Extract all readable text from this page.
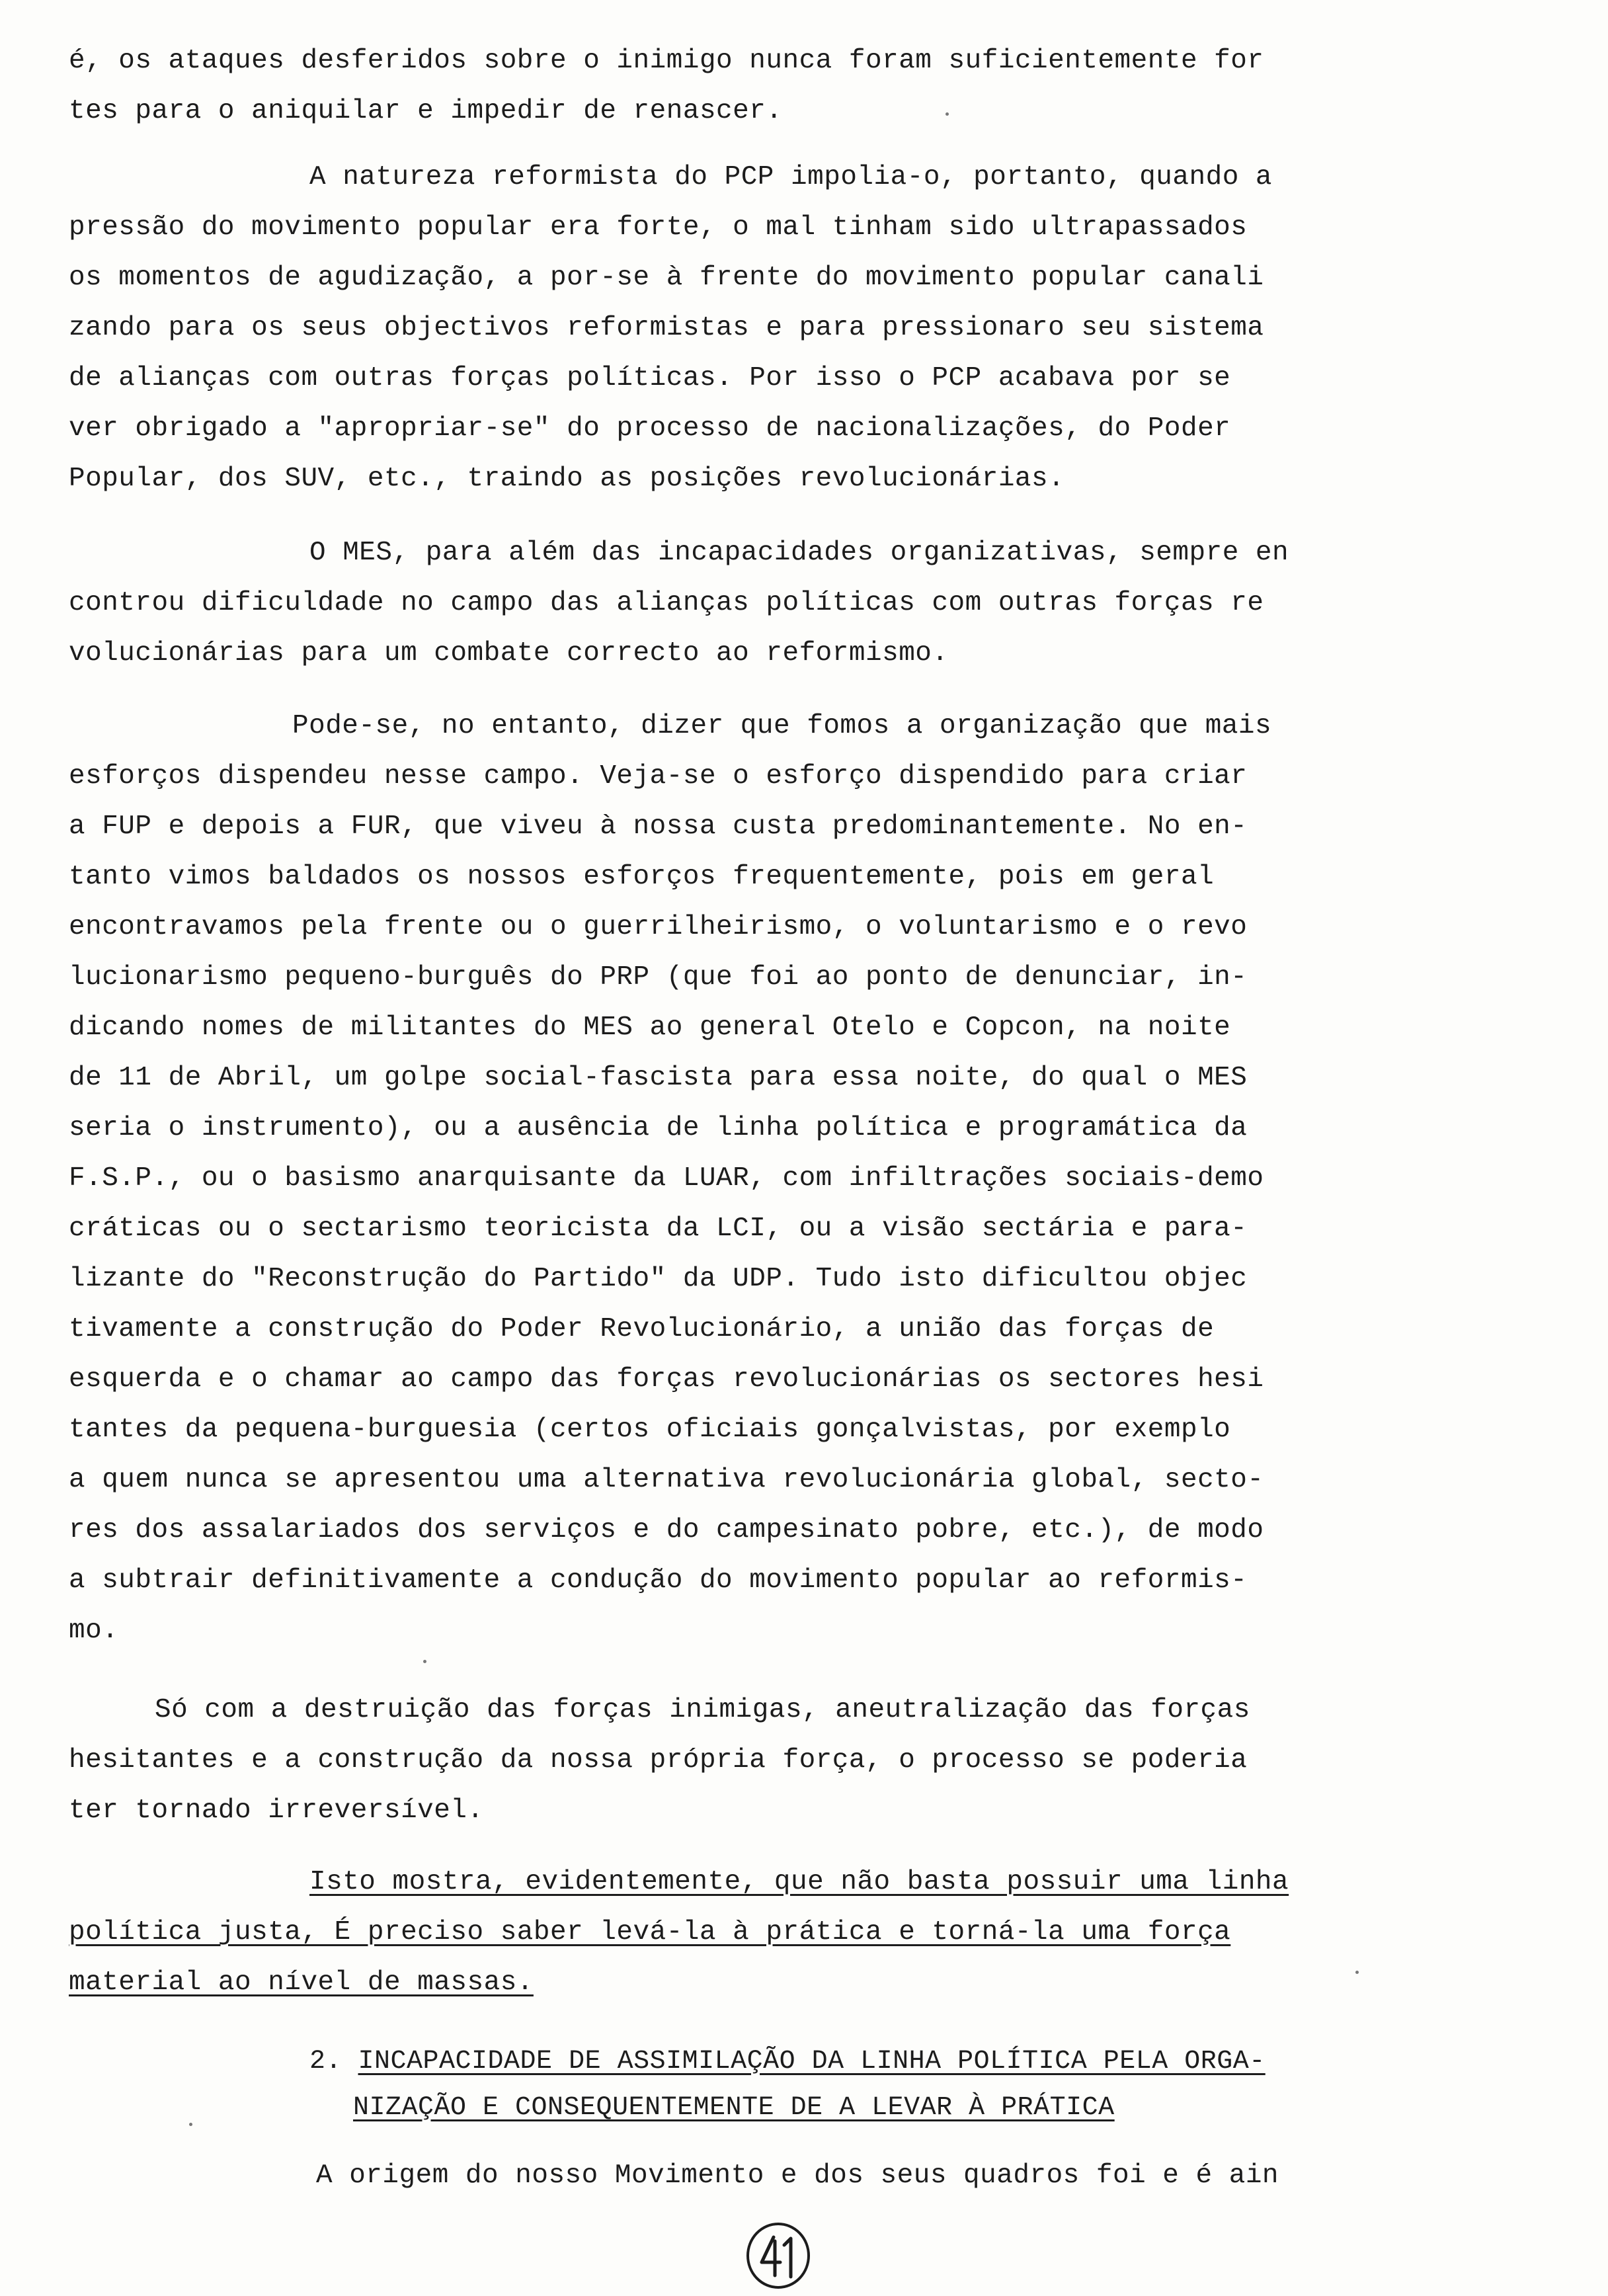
é, os ataques desferidos sobre o inimigo nunca foram suficientemente for
tes para o aniquilar e impedir de renascer.
A natureza reformista do PCP impolia-o, portanto, quando a
pressão do movimento popular era forte, o mal tinham sido ultrapassados
os momentos de agudização, a por-se à frente do movimento popular canali
zando para os seus objectivos reformistas e para pressionaro seu sistema
de alianças com outras forças políticas. Por isso o PCP acabava por se
ver obrigado a "apropriar-se" do processo de nacionalizações, do Poder
Popular, dos SUV, etc., traindo as posições revolucionárias.
O MES, para além das incapacidades organizativas, sempre en
controu dificuldade no campo das alianças políticas com outras forças re
volucionárias para um combate correcto ao reformismo.
Pode-se, no entanto, dizer que fomos a organização que mais
esforços dispendeu nesse campo. Veja-se o esforço dispendido para criar
a FUP e depois a FUR, que viveu à nossa custa predominantemente. No en-
tanto vimos baldados os nossos esforços frequentemente, pois em geral
encontravamos pela frente ou o guerrilheirismo, o voluntarismo e o revo
lucionarismo pequeno-burguês do PRP (que foi ao ponto de denunciar, in-
dicando nomes de militantes do MES ao general Otelo e Copcon, na noite
de 11 de Abril, um golpe social-fascista para essa noite, do qual o MES
seria o instrumento), ou a ausência de linha política e programática da
F.S.P., ou o basismo anarquisante da LUAR, com infiltrações sociais-demo
cráticas ou o sectarismo teoricista da LCI, ou a visão sectária e para-
lizante do "Reconstrução do Partido" da UDP. Tudo isto dificultou objec
tivamente a construção do Poder Revolucionário, a união das forças de
esquerda e o chamar ao campo das forças revolucionárias os sectores hesi
tantes da pequena-burguesia (certos oficiais gonçalvistas, por exemplo
a quem nunca se apresentou uma alternativa revolucionária global, secto-
res dos assalariados dos serviços e do campesinato pobre, etc.), de modo
a subtrair definitivamente a condução do movimento popular ao reformis-
mo.
Só com a destruição das forças inimigas, aneutralização das forças
hesitantes e a construção da nossa própria força, o processo se poderia
ter tornado irreversível.
Isto mostra, evidentemente, que não basta possuir uma linha
política justa, É preciso saber levá-la à prática e torná-la uma força
material ao nível de massas.
2. INCAPACIDADE DE ASSIMILAÇÃO DA LINHA POLÍTICA PELA ORGA-
NIZAÇÃO E CONSEQUENTEMENTE DE A LEVAR À PRÁTICA
A origem do nosso Movimento e dos seus quadros foi e é ain
